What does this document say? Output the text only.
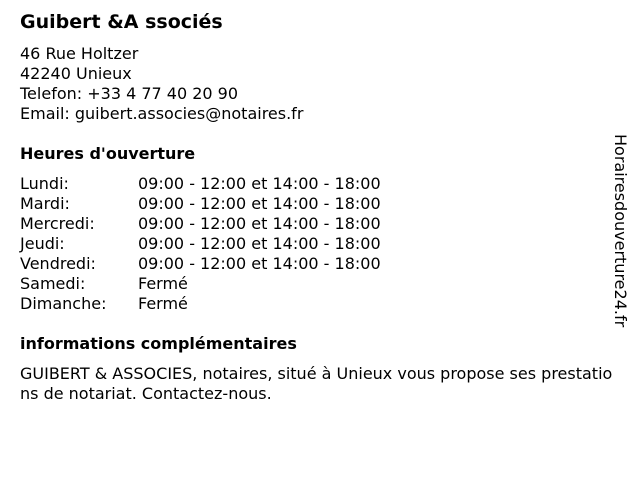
Guibert &A ssociés
46 Rue Holtzer
42240 Unieux
Telefon: +33 4 77 40 20 90
Email: guibert.associes@notaires.fr
Heures d'ouverture
Lundi:	09:00 - 12:00 et 14:00 - 18:00
Mardi:	09:00 - 12:00 et 14:00 - 18:00
Mercredi:	09:00 - 12:00 et 14:00 - 18:00
Jeudi:	09:00 - 12:00 et 14:00 - 18:00
Vendredi:	09:00 - 12:00 et 14:00 - 18:00
Samedi:	Fermé
Dimanche:	Fermé
informations complémentaires
GUIBERT & ASSOCIES, notaires, situé à Unieux vous propose ses prestations de notariat. Contactez-nous.
Horairesdouverture24.fr
